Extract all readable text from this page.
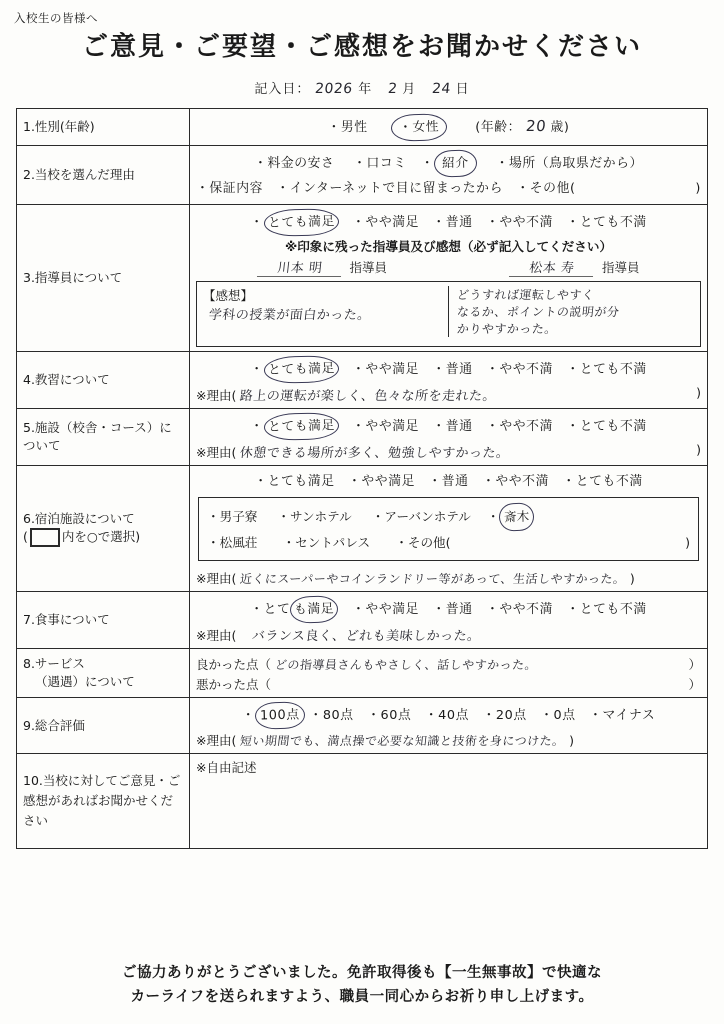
入校生の皆様へ
ご意見・ご要望・ご感想をお聞かせください
記入日： 2026 年 2 月 24 日
1.性別(年齢)	・男性 ・女性 (年齢： 20 歳)

2.当校を選んだ理由	・料金の安さ ・口コミ   ・ 紹介 ・場所（鳥取県だから）
・保証内容　・インターネットで目に留まったから　・その他( )

3.指導員について	
・ とても満足　・やや満足　・普通　・やや不満　・とても不満
※印象に残った指導員及び感想（必ず記入してください）
川本 明 指導員	松本 寿 指導員
【感想】
学科の授業が面白かった。
どうすれば運転しやすく なるか、ポイントの説明が分 かりやすかった。

4.教習について	・ とても満足　・やや満足　・普通　・やや不満　・とても不満
※理由( 路上の運転が楽しく、色々な所を走れた。 )

5.施設（校舎・コース）について	・ とても満足　・やや満足　・普通　・やや不満　・とても不満
※理由( 休憩できる場所が多く、勉強しやすかった。 )

6.宿泊施設について
(	内を○で選択)

・とても満足　・やや満足　・普通　・やや不満　・とても不満
・男子寮 ・サンホテル ・アーバンホテル    ・ 斎木
・松風荘　　・セントパレス　　・その他(	)
※理由( 近くにスーパーやコインランドリー等があって、生活しやすかった。 )

7.食事について	・とて も満足　・やや満足　・普通　・やや不満　・とても不満
※理由( バランス良く、どれも美味しかった。

8.サービス
（遇遇）について

良かった点（ どの指導員さんもやさしく、話しやすかった。	）
悪かった点（	）

9.総合評価	・ 100点 ・80点　・60点　・40点　・20点　・0点　・マイナス
※理由( 短い期間でも、満点操で必要な知識と技術を身につけた。 )

10.当校に対してご意見・ご感想があればお聞かせください	※自由記述
ご協力ありがとうございました。免許取得後も【一生無事故】で快適な
カーライフを送られますよう、職員一同心からお祈り申し上げます。
